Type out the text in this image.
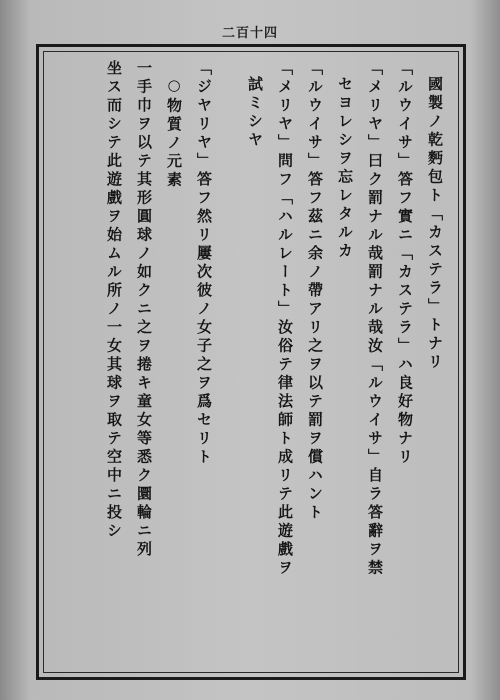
二百十四
國製ノ乾麪包ト「カステラ」トナリ
「ルウイサ」答フ實ニ「カステラ」ハ良好物ナリ
「メリヤ」曰ク罰ナル哉罰ナル哉汝「ルウイサ」自ラ答辭ヲ禁
セヨレシヲ忘レタルカ
「ルウイサ」答フ茲ニ余ノ帶アリ之ヲ以テ罰ヲ償ハント
「メリヤ」問フ「ハルレート」汝俗テ律法師ト成リテ此遊戲ヲ
試ミシヤ
「ジヤリヤ」答フ然リ屢次彼ノ女子之ヲ爲セリト
○物質ノ元素
一手巾ヲ以テ其形圓球ノ如クニ之ヲ捲キ童女等悉ク圜輪ニ列
坐ス而シテ此遊戲ヲ始ムル所ノ一女其球ヲ取テ空中ニ投シ
